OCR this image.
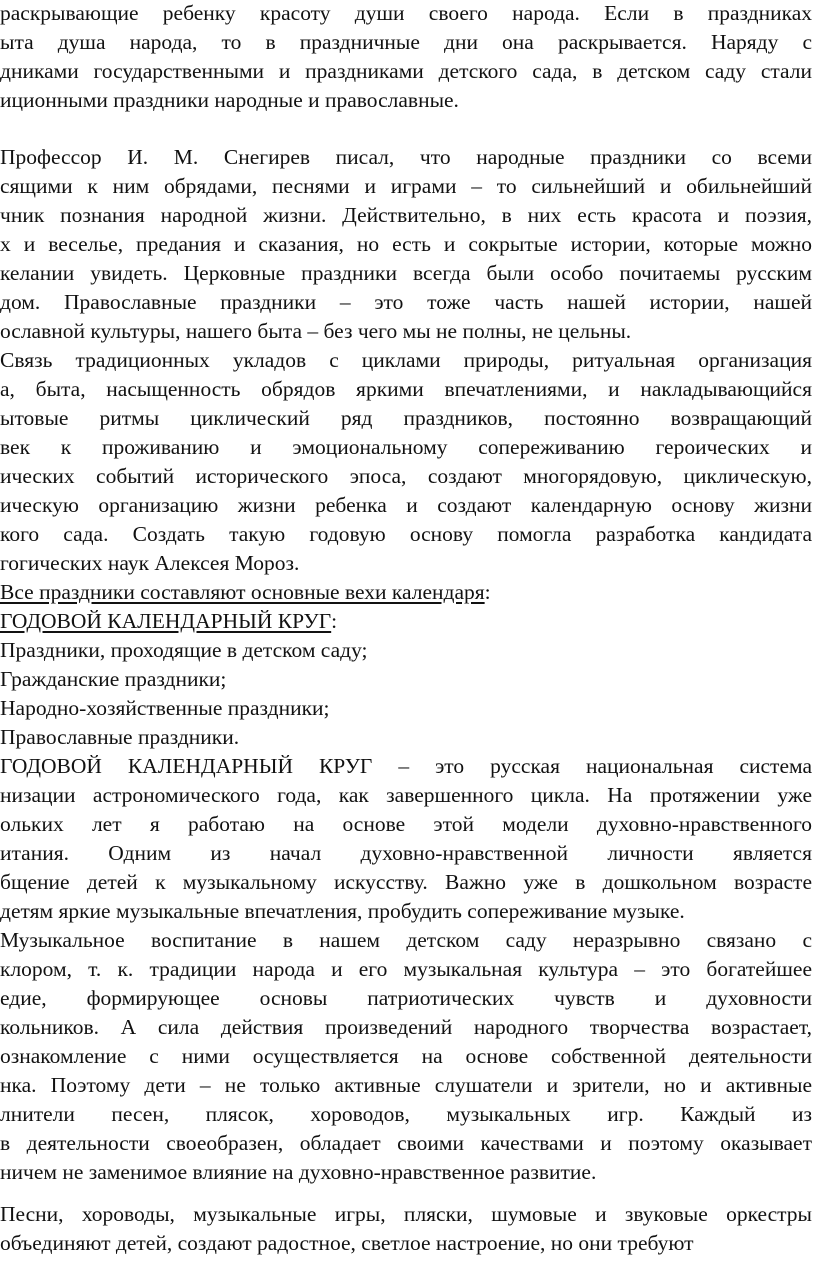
раскрывающие ребенку красоту души своего народа. Если в праздниках
ыта душа народа, то в праздничные дни она раскрывается. Наряду с
дниками государственными и праздниками детского сада, в детском саду стали
иционными праздники народные и православные.
Профессор И. М. Снегирев писал, что народные праздники со всеми
сящими к ним обрядами, песнями и играми – то сильнейший и обильнейший
чник познания народной жизни. Действительно, в них есть красота и поэзия,
х и веселье, предания и сказания, но есть и сокрытые истории, которые можно
келании увидеть. Церковные праздники всегда были особо почитаемы русским
дом. Православные праздники – это тоже часть нашей истории, нашей
ославной культуры, нашего быта – без чего мы не полны, не цельны.
Связь традиционных укладов с циклами природы, ритуальная организация
а, быта, насыщенность обрядов яркими впечатлениями, и накладывающийся
ытовые ритмы циклический ряд праздников, постоянно возвращающий
век к проживанию и эмоциональному сопереживанию героических и
ических событий исторического эпоса, создают многорядовую, циклическую,
ическую организацию жизни ребенка и создают календарную основу жизни
кого сада. Создать такую годовую основу помогла разработка кандидата
гогических наук Алексея Мороз.
Все праздники составляют основные вехи календаря:
ГОДОВОЙ КАЛЕНДАРНЫЙ КРУГ:
Праздники, проходящие в детском саду;
Гражданские праздники;
Народно-хозяйственные праздники;
Православные праздники.
ГОДОВОЙ КАЛЕНДАРНЫЙ КРУГ – это русская национальная система
низации астрономического года, как завершенного цикла. На протяжении уже
ольких лет я работаю на основе этой модели духовно-нравственного
итания. Одним из начал духовно-нравственной личности является
бщение детей к музыкальному искусству. Важно уже в дошкольном возрасте
детям яркие музыкальные впечатления, пробудить сопереживание музыке.
Музыкальное воспитание в нашем детском саду неразрывно связано с
клором, т. к. традиции народа и его музыкальная культура – это богатейшее
едие, формирующее основы патриотических чувств и духовности
кольников. А сила действия произведений народного творчества возрастает,
ознакомление с ними осуществляется на основе собственной деятельности
нка. Поэтому дети – не только активные слушатели и зрители, но и активные
лнители песен, плясок, хороводов, музыкальных игр. Каждый из
в деятельности своеобразен, обладает своими качествами и поэтому оказывает
ничем не заменимое влияние на духовно-нравственное развитие.
Песни, хороводы, музыкальные игры, пляски, шумовые и звуковые оркестры
объединяют детей, создают радостное, светлое настроение, но они требуют
